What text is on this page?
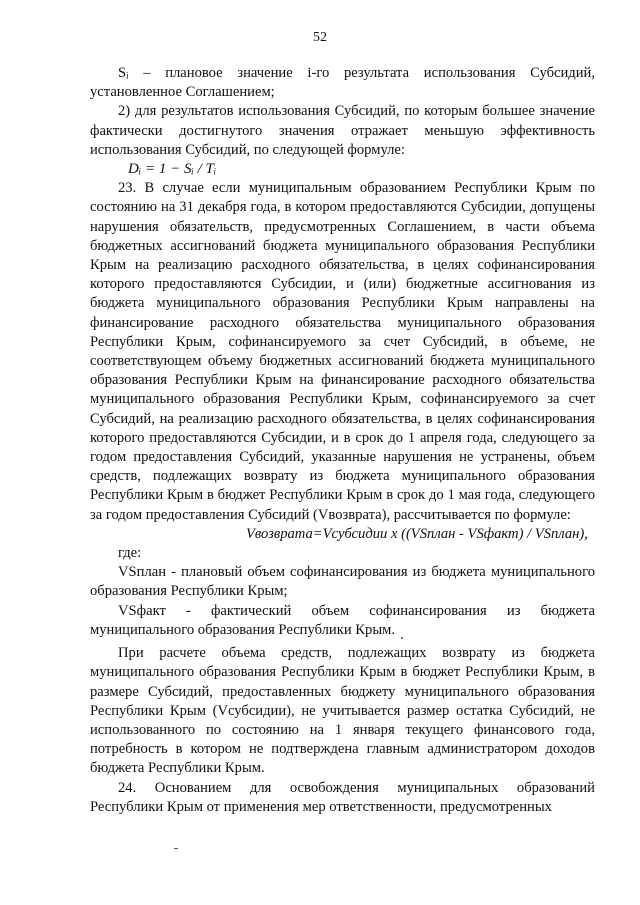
52

Sᵢ – плановое значение i-го результата использования Субсидий, установленное Соглашением;

2) для результатов использования Субсидий, по которым большее значение фактически достигнутого значения отражает меньшую эффективность использования Субсидий, по следующей формуле:

Dᵢ = 1 − Sᵢ / Tᵢ

23. В случае если муниципальным образованием Республики Крым по состоянию на 31 декабря года, в котором предоставляются Субсидии, допущены нарушения обязательств, предусмотренных Соглашением, в части объема бюджетных ассигнований бюджета муниципального образования Республики Крым на реализацию расходного обязательства, в целях софинансирования которого предоставляются Субсидии, и (или) бюджетные ассигнования из бюджета муниципального образования Республики Крым направлены на финансирование расходного обязательства муниципального образования Республики Крым, софинансируемого за счет Субсидий, в объеме, не соответствующем объему бюджетных ассигнований бюджета муниципального образования Республики Крым на финансирование расходного обязательства муниципального образования Республики Крым, софинансируемого за счет Субсидий, на реализацию расходного обязательства, в целях софинансирования которого предоставляются Субсидии, и в срок до 1 апреля года, следующего за годом предоставления Субсидий, указанные нарушения не устранены, объем средств, подлежащих возврату из бюджета муниципального образования Республики Крым в бюджет Республики Крым в срок до 1 мая года, следующего за годом предоставления Субсидий (Vвозврата), рассчитывается по формуле:

Vвозврата=Vсубсидии x ((VSплан - VSфакт) / VSплан),

где:

VSплан - плановый объем софинансирования из бюджета муниципального образования Республики Крым;

VSфакт - фактический объем софинансирования из бюджета муниципального образования Республики Крым.

При расчете объема средств, подлежащих возврату из бюджета муниципального образования Республики Крым в бюджет Республики Крым, в размере Субсидий, предоставленных бюджету муниципального образования Республики Крым (Vсубсидии), не учитывается размер остатка Субсидий, не использованного по состоянию на 1 января текущего финансового года, потребность в котором не подтверждена главным администратором доходов бюджета Республики Крым.

24. Основанием для освобождения муниципальных образований Республики Крым от применения мер ответственности, предусмотренных
